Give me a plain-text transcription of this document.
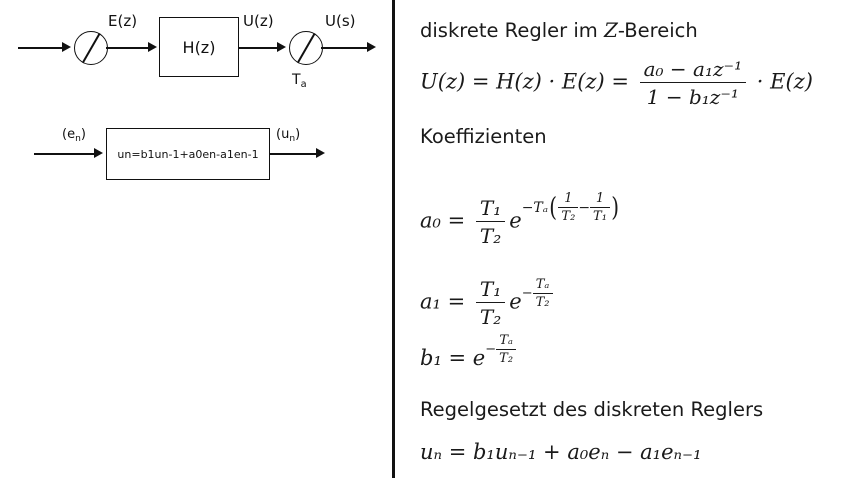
H(z)
E(z)	U(z)	U(s)
$T_a$
un=b1un-1+a0en-a1en-1
$(e_n)$	$(u_n)$
diskrete Regler im Z-Bereich
$U(z) = H(z) \cdot E(z) = \frac{\text{a₀ − a₁z⁻¹}}{\text{1 − b₁z⁻¹}} \cdot E(z)$
Koeffizienten
$a_0 = \frac{\text{T₁}}{\text{T₂}} e^{-T_a( \frac{1}{\text{T₂}} - \frac{1}{\text{T₁}} )}$
$a_1 = \frac{\text{T₁}}{\text{T₂}} e^{- \frac{\text{Tₐ}}{\text{T₂}}}$
$b_1 = e^{- \frac{\text{Tₐ}}{\text{T₂}}}$
Regelgesetzt des diskreten Reglers
uₙ = b₁uₙ₋₁ + a₀eₙ − a₁eₙ₋₁
